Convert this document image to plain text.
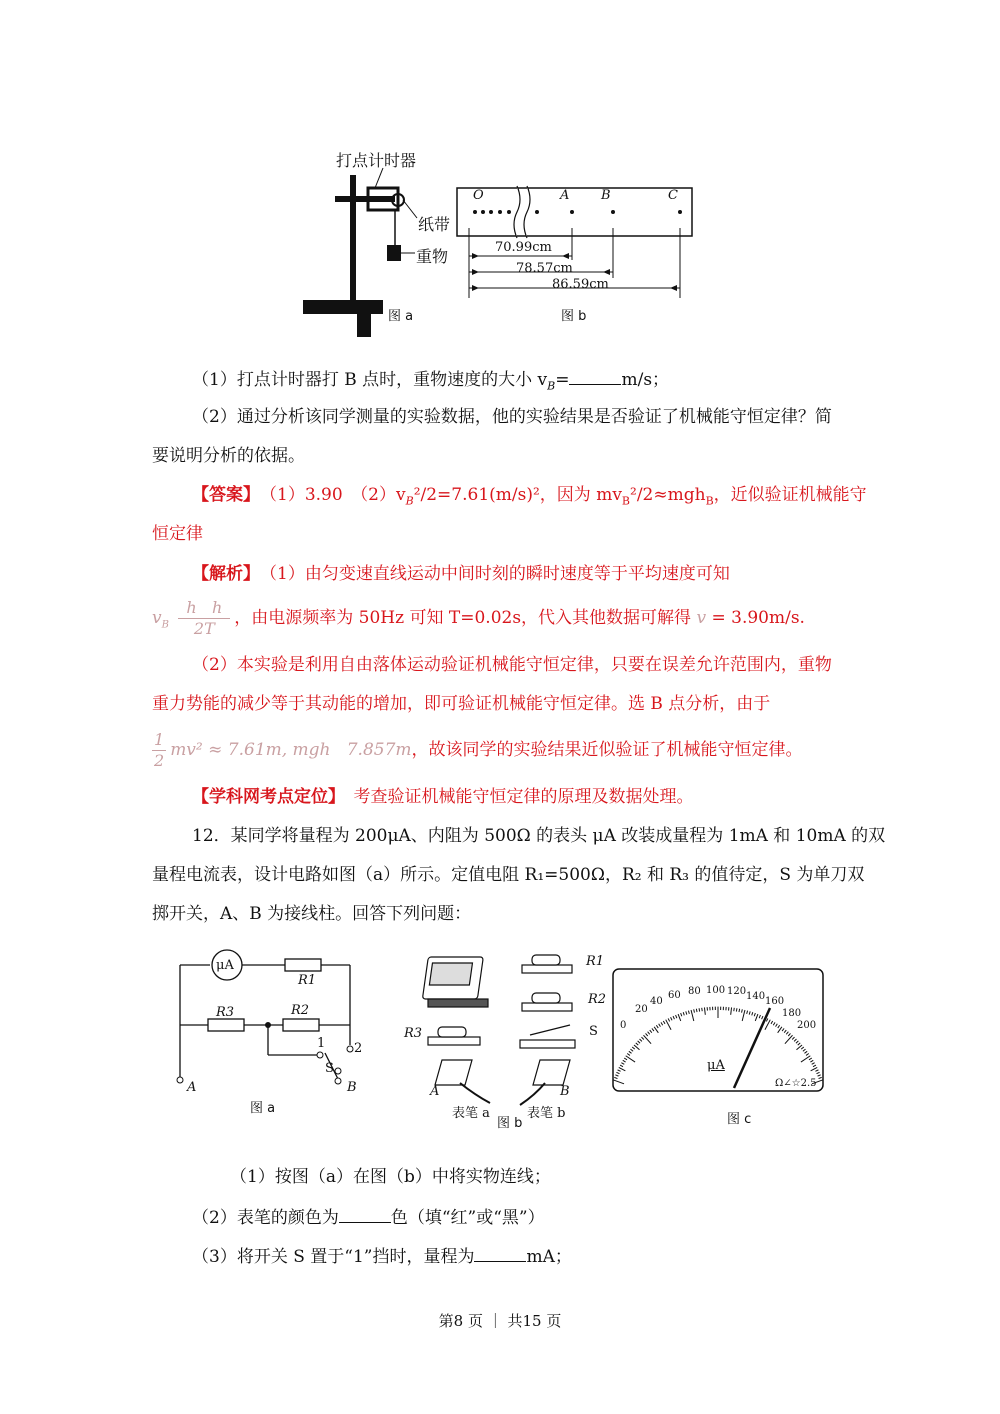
打点计时器
纸带
重物
图 a	图 b
O	A B	C
70.99cm
78.57cm
86.59cm
（1）打点计时器打 B 点时，重物速度的大小 $v_B=$	m/s；
（2）通过分析该同学测量的实验数据，他的实验结果是否验证了机械能守恒定律？简
要说明分析的依据。
【答案】　 （1）3.90　$(2)v_B^2/2=7.61(m/s)^2$，因为 $mv_B^2/2\approx mgh_B$，近似验证机械能守
恒定律
【解析】　 （1）由匀变速直线运动中间时刻的瞬时速度等于平均速度可知
$v_B \frac{\text{h h}}{2T}$ ，由电源频率为 50Hz 可知 T=0.02s，代入其他数据可解得 v = 3.90m/s.
（2）本实验是利用自由落体运动验证机械能守恒定律，只要在误差允许范围内，重物
重力势能的减少等于其动能的增加，即可验证机械能守恒定律。选 B 点分析，由于
$\frac{1}{2} mv^2 \approx 7.61m$, mgh 7.857m，故该同学的实验结果近似验证了机械能守恒定律。
【学科网考点定位】　 考查验证机械能守恒定律的原理及数据处理。
12．某同学将量程为 200μA、内阻为 500Ω 的表头 μA 改装成量程为 1mA 和 10mA 的双
量程电流表，设计电路如图（a）所示。定值电阻 R₁=500Ω，R₂ 和 R₃ 的值待定，S 为单刀双
掷开关，A、B 为接线柱。回答下列问题：
μA
R1
R3	R2
1 2
S
A	B
图 a
R1
R2
R3	S
A	B
表笔 a	表笔 b
图 b
0
20
40
60 80 100 120 140 160
180
200
μA
Ω∠☆2.5
图 c
（1）按图（a）在图（b）中将实物连线；
（2）表笔的颜色为	色（填“红”或“黑”）
（3）将开关 S 置于“1”挡时，量程为	mA；
第8 页 ｜ 共15 页
